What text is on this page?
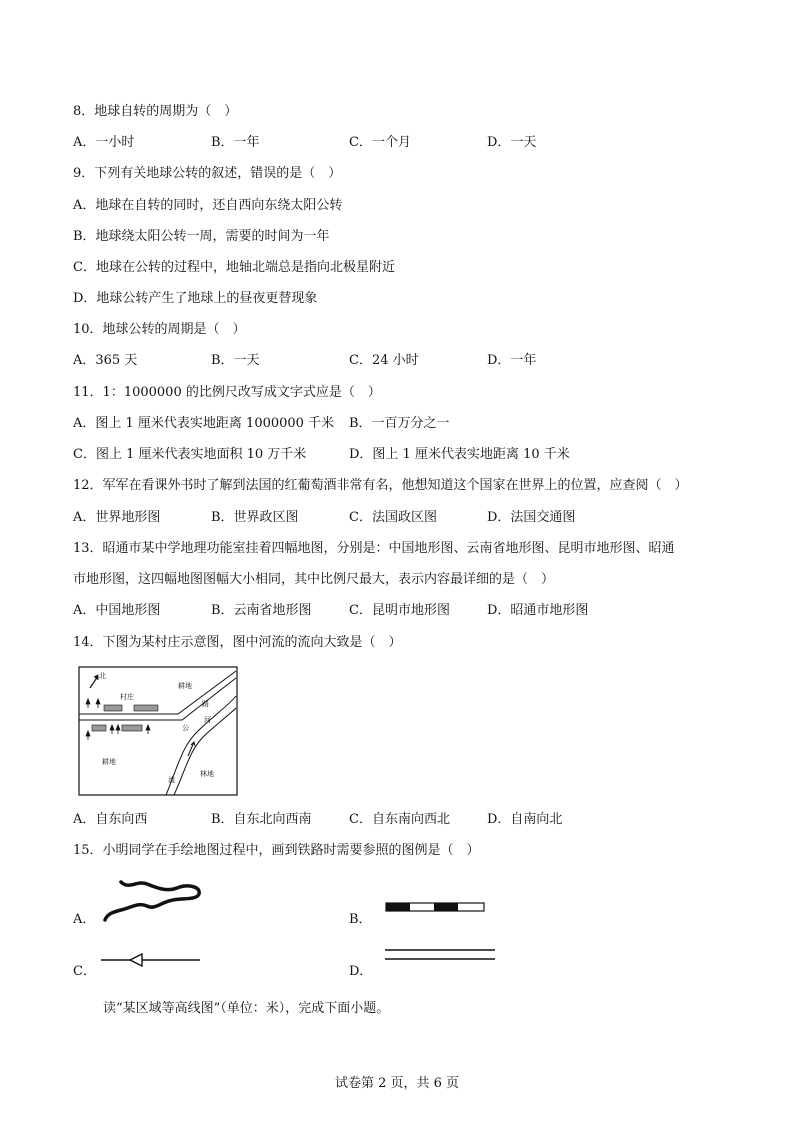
8．地球自转的周期为（　）
A．一小时	B．一年	C．一个月	D．一天
9．下列有关地球公转的叙述，错误的是（　）
A．地球在自转的同时，还自西向东绕太阳公转
B．地球绕太阳公转一周，需要的时间为一年
C．地球在公转的过程中，地轴北端总是指向北极星附近
D．地球公转产生了地球上的昼夜更替现象
10．地球公转的周期是（　）
A．365 天	B．一天	C．24 小时	D．一年
11．1：1000000 的比例尺改写成文字式应是（　）
A．图上 1 厘米代表实地距离 1000000 千米 B．一百万分之一
C．图上 1 厘米代表实地面积 10 万千米	D．图上 1 厘米代表实地距离 10 千米
12．军军在看课外书时了解到法国的红葡萄酒非常有名，他想知道这个国家在世界上的位置，应查阅（　）
A．世界地形图	B．世界政区图	C．法国政区图	D．法国交通图
13．昭通市某中学地理功能室挂着四幅地图，分别是：中国地形图、云南省地形图、昆明市地形图、昭通
市地形图，这四幅地图图幅大小相同，其中比例尺最大，表示内容最详细的是（　）
A．中国地形图	B．云南省地形图	C．昆明市地形图	D．昭通市地形图
14．下图为某村庄示意图，图中河流的流向大致是（　）
北
村庄
耕地
路
公
河
耕地
流
林地
A．自东向西	B．自东北向西南	C．自东南向西北	D．自南向北
15．小明同学在手绘地图过程中，画到铁路时需要参照的图例是（　）
A．	B．
C．	D．
读“某区域等高线图”（单位：米），完成下面小题。
试卷第 2 页，共 6 页
